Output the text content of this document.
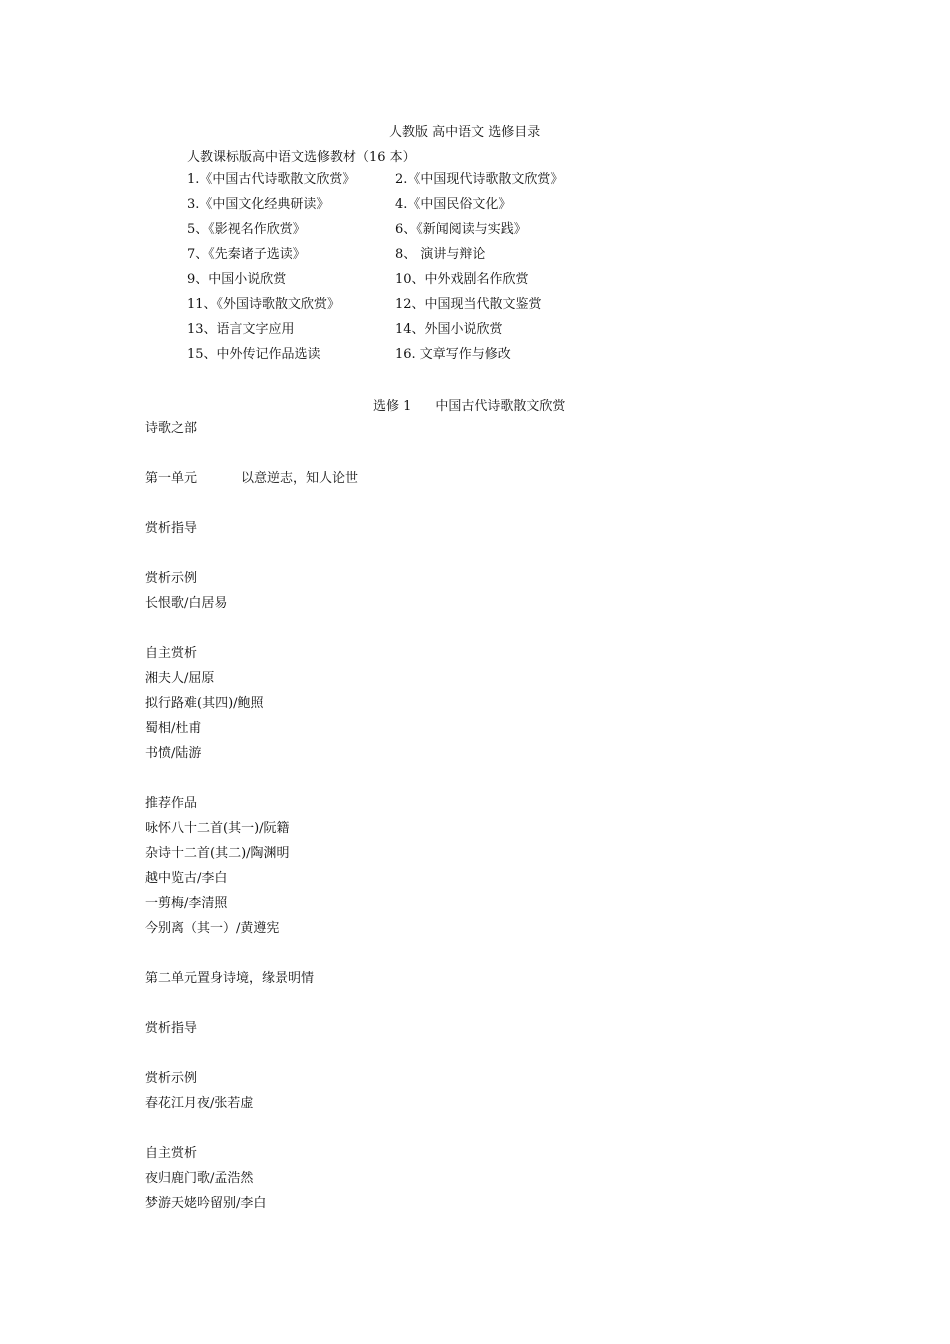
人教版 高中语文 选修目录
人教课标版高中语文选修教材（16 本）
1.《中国古代诗歌散文欣赏》	2.《中国现代诗歌散文欣赏》
3.《中国文化经典研读》	4.《中国民俗文化》
5、《影视名作欣赏》	6、《新闻阅读与实践》
7、《先秦诸子选读》	8、 演讲与辩论
9、中国小说欣赏	10、中外戏剧名作欣赏
11、《外国诗歌散文欣赏》	12、中国现当代散文鉴赏
13、语言文字应用	14、外国小说欣赏
15、中外传记作品选读	16. 文章写作与修改
选修 1 中国古代诗歌散文欣赏
诗歌之部
第一单元	以意逆志，知人论世
赏析指导
赏析示例
长恨歌/白居易
自主赏析
湘夫人/屈原
拟行路难(其四)/鲍照
蜀相/杜甫
书愤/陆游
推荐作品
咏怀八十二首(其一)/阮籍
杂诗十二首(其二)/陶渊明
越中览古/李白
一剪梅/李清照
今别离（其一）/黄遵宪
第二单元置身诗境，缘景明情
赏析指导
赏析示例
春花江月夜/张若虚
自主赏析
夜归鹿门歌/孟浩然
梦游天姥吟留别/李白
